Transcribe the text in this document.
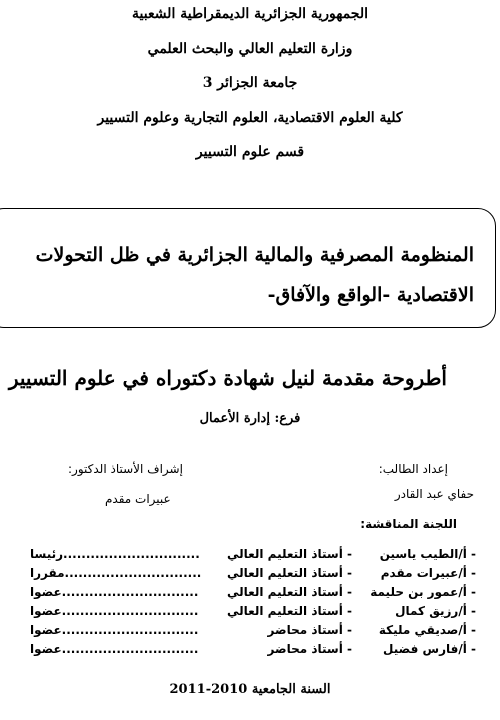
الجمهورية الجزائرية الديمقراطية الشعبية
وزارة التعليم العالي والبحث العلمي
جامعة الجزائر 3
كلية العلوم الاقتصادية، العلوم التجارية وعلوم التسيير
قسم علوم التسيير
المنظومة المصرفية والمالية الجزائرية في ظل التحولات
الاقتصادية -الواقع والآفاق-
أطروحة مقدمة لنيل شهادة دكتوراه في علوم التسيير
فرع: إدارة الأعمال
إعداد الطالب:
حفاي عبد القادر
إشراف الأستاذ الدكتور:
عبيرات مقدم
اللجنة المناقشة:
- أ/الطيب ياسين
- أستاذ التعليم العالي
..............................رئيسا
- أ/عبيرات مقدم
- أستاذ التعليم العالي
..............................مقررا
- أ/عمور بن حليمة
- أستاذ التعليم العالي
..............................عضوا
- أ/رزيق كمال
- أستاذ التعليم العالي
..............................عضوا
- أ/صديقي مليكة
- أستاذ محاضر
..............................عضوا
- أ/فارس فضيل
- أستاذ محاضر
..............................عضوا
السنة الجامعية 2010-2011
